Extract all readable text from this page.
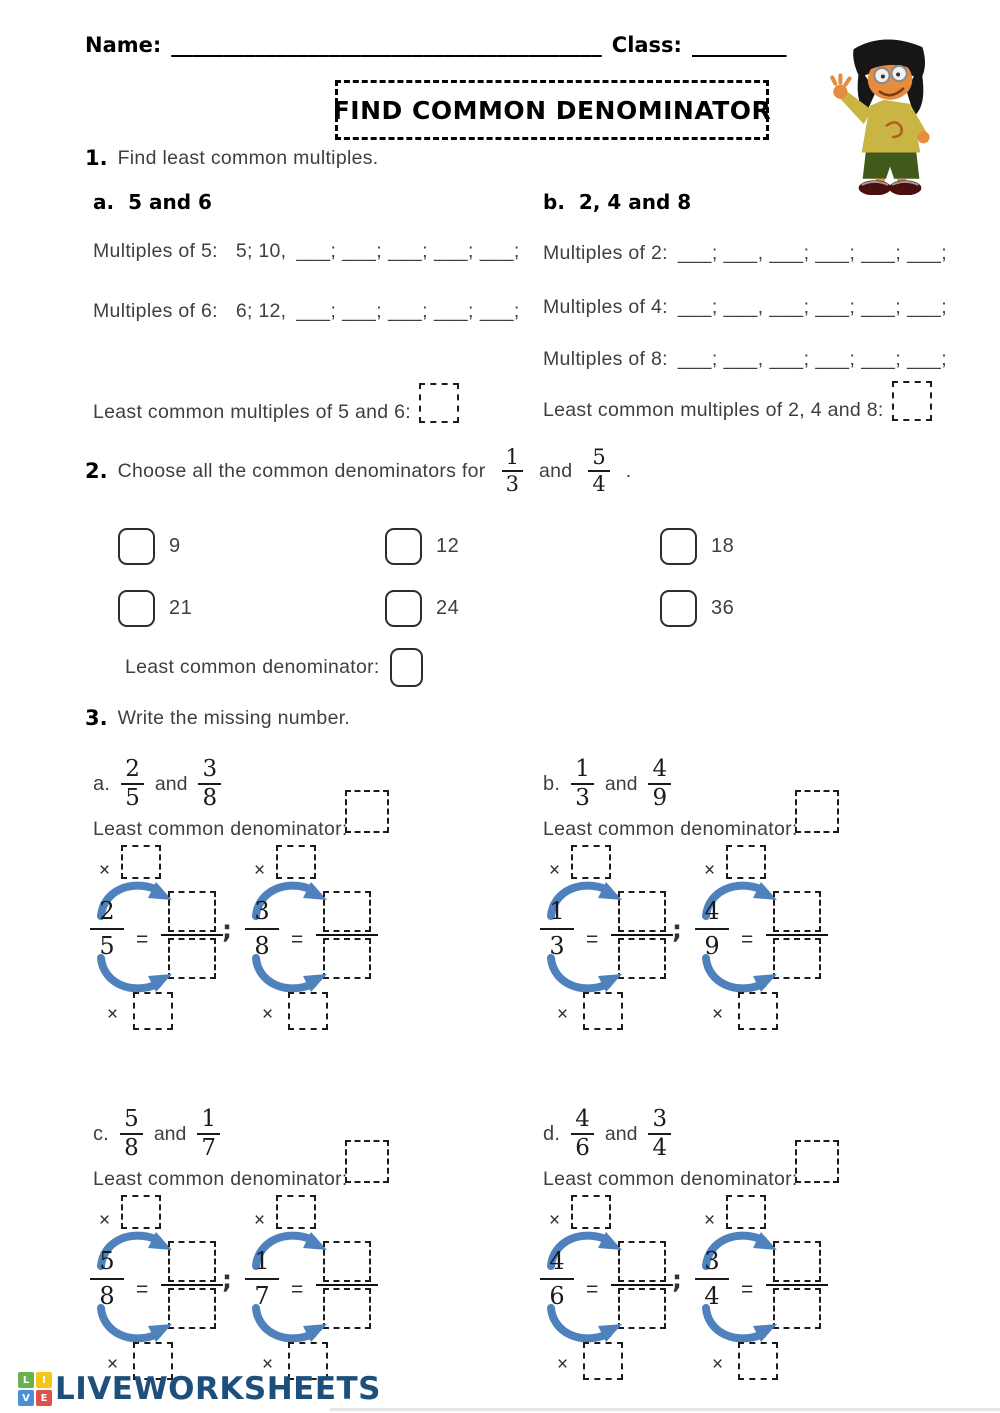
Name: _________________________________________ Class: _________
FIND COMMON DENOMINATOR
1. Find least common multiples.
a. 5 and 6	b. 2, 4 and 8
Multiples of 5: 5; 10, ___; ___; ___; ___; ___;
Multiples of 6: 6; 12, ___; ___; ___; ___; ___;
Multiples of 2: ___; ___, ___; ___; ___; ___;
Multiples of 4: ___; ___, ___; ___; ___; ___;
Multiples of 8: ___; ___, ___; ___; ___; ___;
Least common multiples of 5 and 6:	Least common multiples of 2, 4 and 8:
2. Choose all the common denominators for $\frac{1}{3}$ and $\frac{5}{4}$ .
9	12	18
21	24	36
Least common denominator:
3. Write the missing number.
a. $\frac{2}{5}$ and $\frac{3}{8}$
Least common denominator:
×
$\frac{2}{5}$ =
×
;
×
$\frac{3}{8}$ =
×
b. $\frac{1}{3}$ and $\frac{4}{9}$
Least common denominator:
×
$\frac{1}{3}$ =
×
;
×
$\frac{4}{9}$ =
×
c. $\frac{5}{8}$ and $\frac{1}{7}$
Least common denominator:
×
$\frac{5}{8}$ =
×
;
×
$\frac{1}{7}$ =
×
d. $\frac{4}{6}$ and $\frac{3}{4}$
Least common denominator:
×
$\frac{4}{6}$ =
×
;
×
$\frac{3}{4}$ =
×
L	I
V	E LIVEWORKSHEETS
